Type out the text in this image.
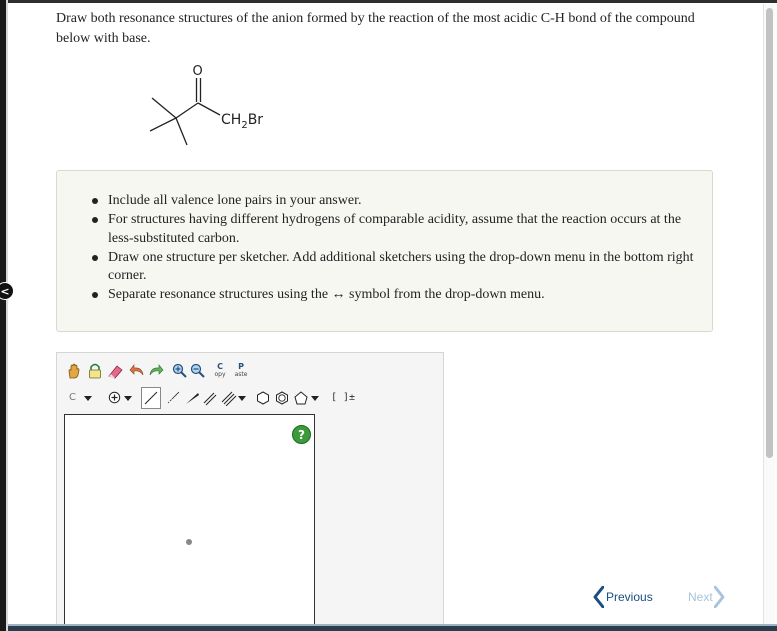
<

Draw both resonance structures of the anion formed by the reaction of the most acidic C-H bond of the compound below with base.

O
$CH_2Br$
Include all valence lone pairs in your answer.
For structures having different hydrogens of comparable acidity, assume that the reaction occurs at the less-substituted carbon.
Draw one structure per sketcher. Add additional sketchers using the drop-down menu in the bottom right corner.
Separate resonance structures using the ↔ symbol from the drop-down menu.
C
opy
P
aste
C	[ ]±
?
Previous	Next
